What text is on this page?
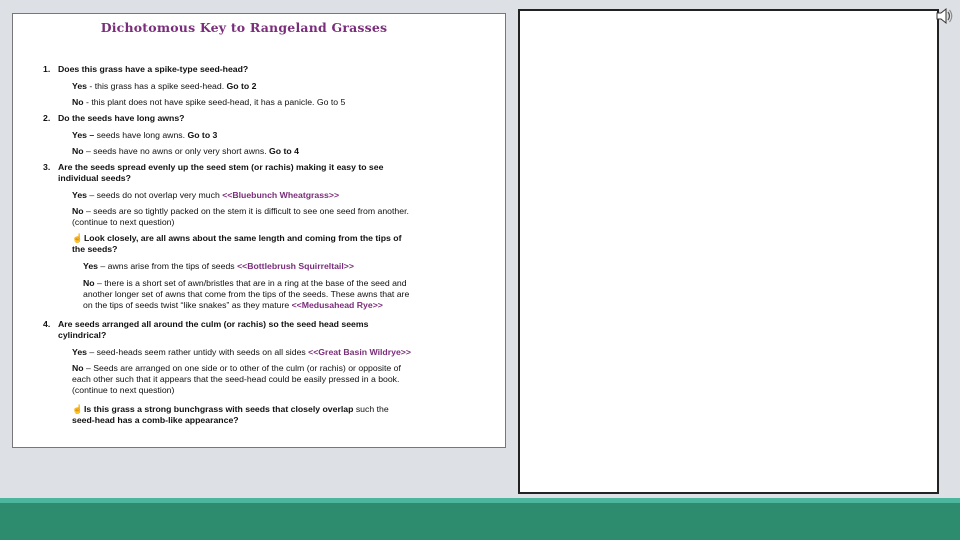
Dichotomous Key to Rangeland Grasses
1. Does this grass have a spike-type seed-head?
Yes - this grass has a spike seed-head. Go to 2
No - this plant does not have spike seed-head, it has a panicle. Go to 5
2. Do the seeds have long awns?
Yes – seeds have long awns. Go to 3
No – seeds have no awns or only very short awns. Go to 4
3. Are the seeds spread evenly up the seed stem (or rachis) making it easy to see
individual seeds?
Yes – seeds do not overlap very much <<Bluebunch Wheatgrass>>
No – seeds are so tightly packed on the stem it is difficult to see one seed from another.
(continue to next question)
☝Look closely, are all awns about the same length and coming from the tips of
the seeds?
Yes – awns arise from the tips of seeds <<Bottlebrush Squirreltail>>
No – there is a short set of awn/bristles that are in a ring at the base of the seed and
another longer set of awns that come from the tips of the seeds. These awns that are
on the tips of seeds twist “like snakes” as they mature <<Medusahead Rye>>
4. Are seeds arranged all around the culm (or rachis) so the seed head seems
cylindrical?
Yes – seed-heads seem rather untidy with seeds on all sides <<Great Basin Wildrye>>
No – Seeds are arranged on one side or to other of the culm (or rachis) or opposite of
each other such that it appears that the seed-head could be easily pressed in a book.
(continue to next question)
☝Is this grass a strong bunchgrass with seeds that closely overlap such the
seed-head has a comb-like appearance?
